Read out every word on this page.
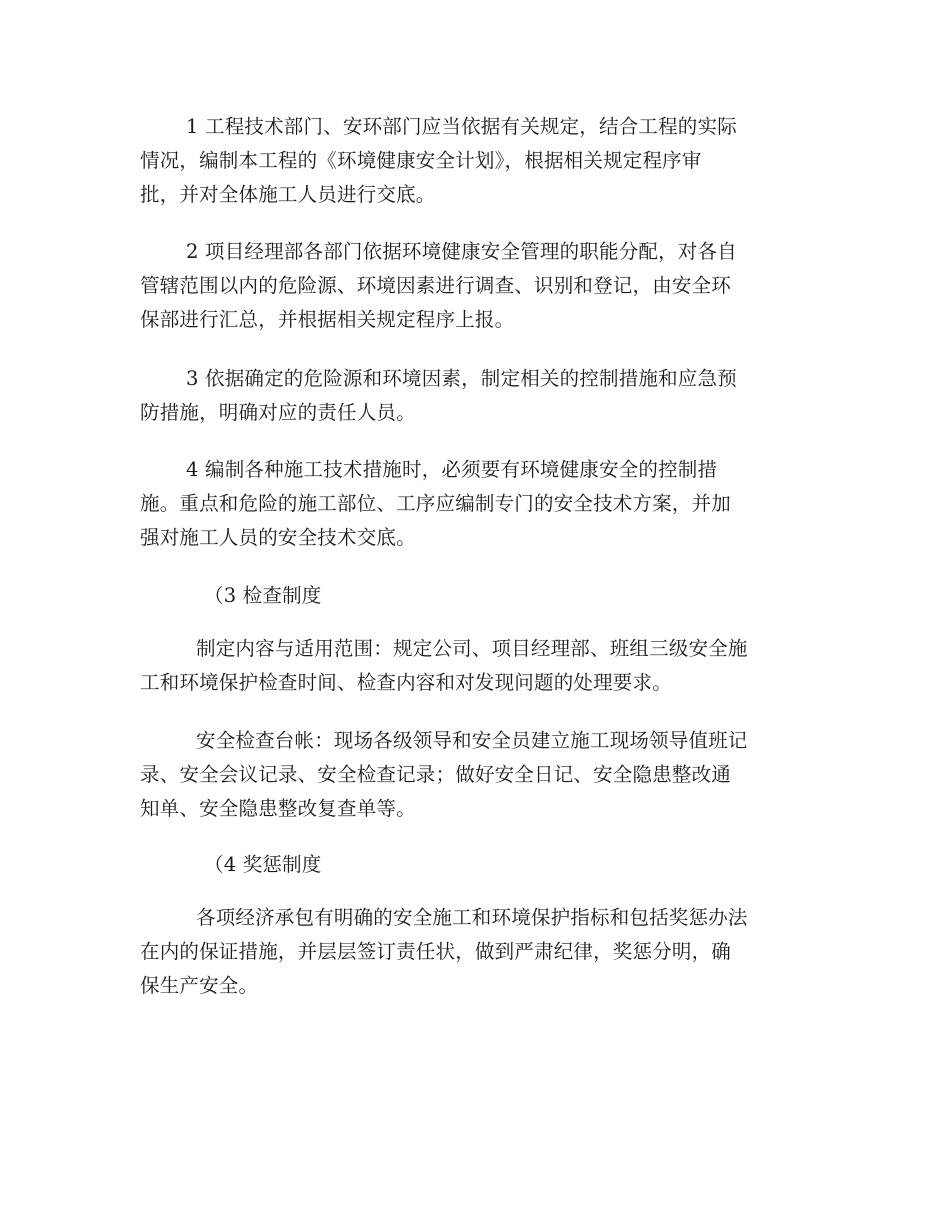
1 工程技术部门、安环部门应当依据有关规定，结合工程的实际
情况，编制本工程的《环境健康安全计划》，根据相关规定程序审
批，并对全体施工人员进行交底。
2 项目经理部各部门依据环境健康安全管理的职能分配，对各自
管辖范围以内的危险源、环境因素进行调查、识别和登记，由安全环
保部进行汇总，并根据相关规定程序上报。
3 依据确定的危险源和环境因素，制定相关的控制措施和应急预
防措施，明确对应的责任人员。
4 编制各种施工技术措施时，必须要有环境健康安全的控制措
施。重点和危险的施工部位、工序应编制专门的安全技术方案，并加
强对施工人员的安全技术交底。
（3 检查制度
制定内容与适用范围：规定公司、项目经理部、班组三级安全施
工和环境保护检查时间、检查内容和对发现问题的处理要求。
安全检查台帐：现场各级领导和安全员建立施工现场领导值班记
录、安全会议记录、安全检查记录；做好安全日记、安全隐患整改通
知单、安全隐患整改复查单等。
（4 奖惩制度
各项经济承包有明确的安全施工和环境保护指标和包括奖惩办法
在内的保证措施，并层层签订责任状，做到严肃纪律，奖惩分明，确
保生产安全。
